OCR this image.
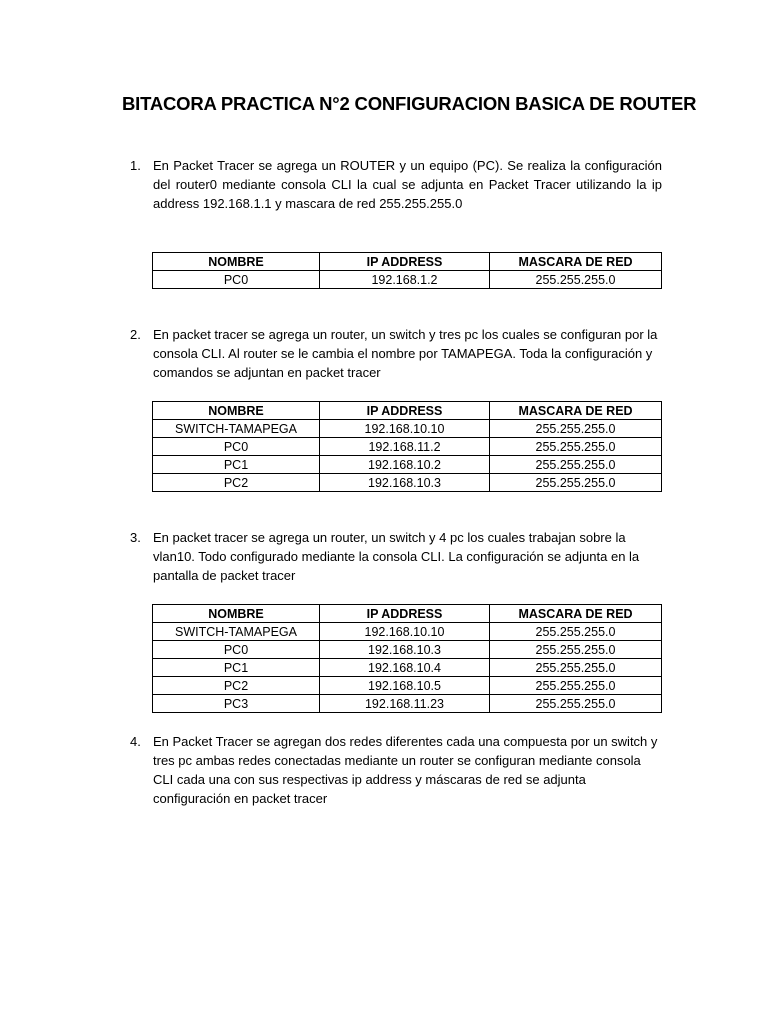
BITACORA PRACTICA N°2 CONFIGURACION BASICA DE ROUTER
1. En Packet Tracer se agrega un ROUTER y un equipo (PC). Se realiza la configuración del router0 mediante consola CLI la cual se adjunta en Packet Tracer utilizando la ip address 192.168.1.1 y mascara de red 255.255.255.0
NOMBRE	IP ADDRESS	MASCARA DE RED
PC0	192.168.1.2	255.255.255.0
2. En packet tracer se agrega un router, un switch y tres pc los cuales se configuran por la consola CLI. Al router se le cambia el nombre por TAMAPEGA. Toda la configuración y comandos se adjuntan en packet tracer
NOMBRE	IP ADDRESS	MASCARA DE RED
SWITCH-TAMAPEGA	192.168.10.10	255.255.255.0
PC0	192.168.11.2	255.255.255.0
PC1	192.168.10.2	255.255.255.0
PC2	192.168.10.3	255.255.255.0
3. En packet tracer se agrega un router, un switch y 4 pc los cuales trabajan sobre la vlan10. Todo configurado mediante la consola CLI. La configuración se adjunta en la pantalla de packet tracer
NOMBRE	IP ADDRESS	MASCARA DE RED
SWITCH-TAMAPEGA	192.168.10.10	255.255.255.0
PC0	192.168.10.3	255.255.255.0
PC1	192.168.10.4	255.255.255.0
PC2	192.168.10.5	255.255.255.0
PC3	192.168.11.23	255.255.255.0
4. En Packet Tracer se agregan dos redes diferentes cada una compuesta por un switch y tres pc ambas redes conectadas mediante un router se configuran mediante consola CLI cada una con sus respectivas ip address y máscaras de red se adjunta configuración en packet tracer
